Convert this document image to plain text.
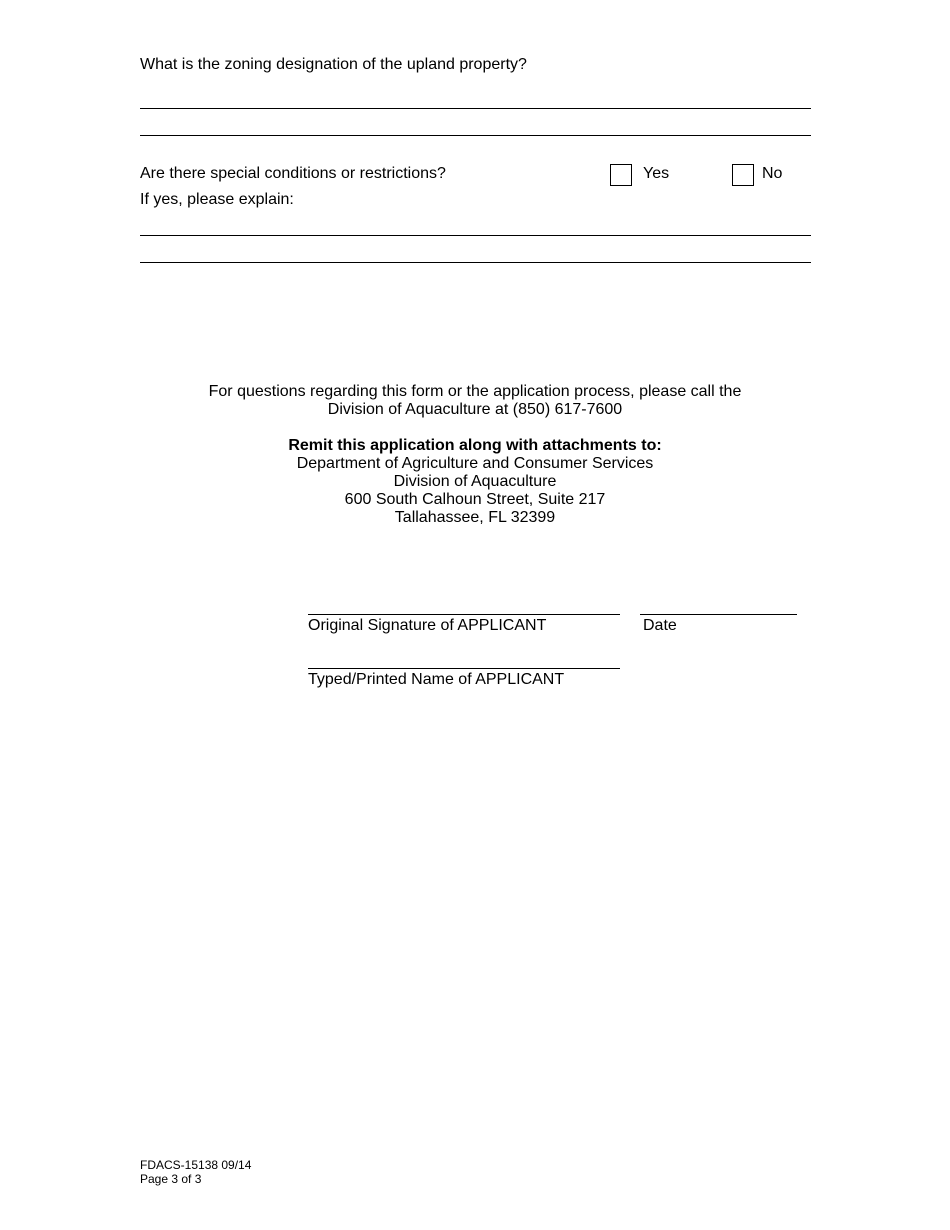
What is the zoning designation of the upland property?
Are there special conditions or restrictions?	Yes	No
If yes, please explain:
For questions regarding this form or the application process, please call the
Division of Aquaculture at (850) 617-7600
Remit this application along with attachments to:
Department of Agriculture and Consumer Services
Division of Aquaculture
600 South Calhoun Street, Suite 217
Tallahassee, FL 32399
Original Signature of APPLICANT	Date
Typed/Printed Name of APPLICANT
FDACS-15138 09/14
Page 3 of 3
